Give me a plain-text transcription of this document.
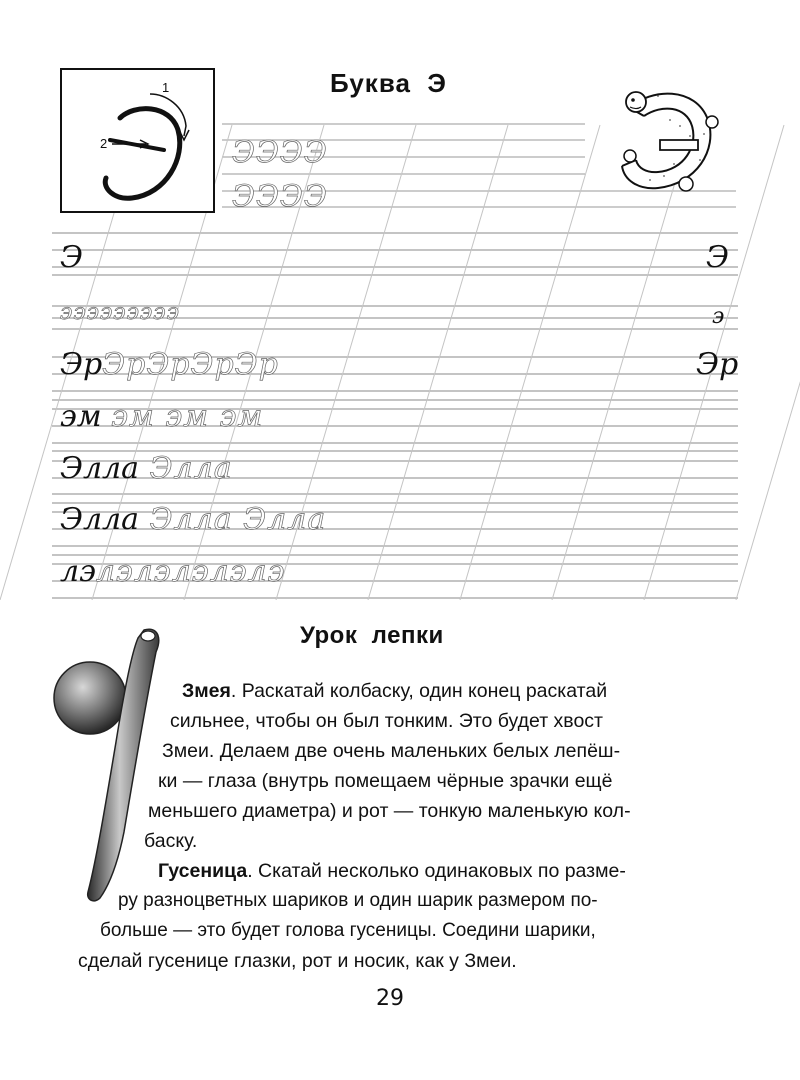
1
2
Буква  Э
ЭЭЭЭ
ЭЭЭЭ
Э	Э
эээээээээ	э
ЭрЭрЭрЭрЭр	Эр
эм эм эм эм
Элла Элла
Элла Элла Элла
лэлэлэлэлэлэ
Урок  лепки
Змея. Раскатай колбаску, один конец раскатай
сильнее, чтобы он был тонким. Это будет хвост
Змеи. Делаем две очень маленьких белых лепёш-
ки — глаза (внутрь помещаем чёрные зрачки ещё
меньшего диаметра) и рот — тонкую маленькую кол-
баску.
Гусеница. Скатай несколько одинаковых по разме-
ру разноцветных шариков и один шарик размером по-
больше — это будет голова гусеницы. Соедини шарики,
сделай гусенице глазки, рот и носик, как у Змеи.
29
